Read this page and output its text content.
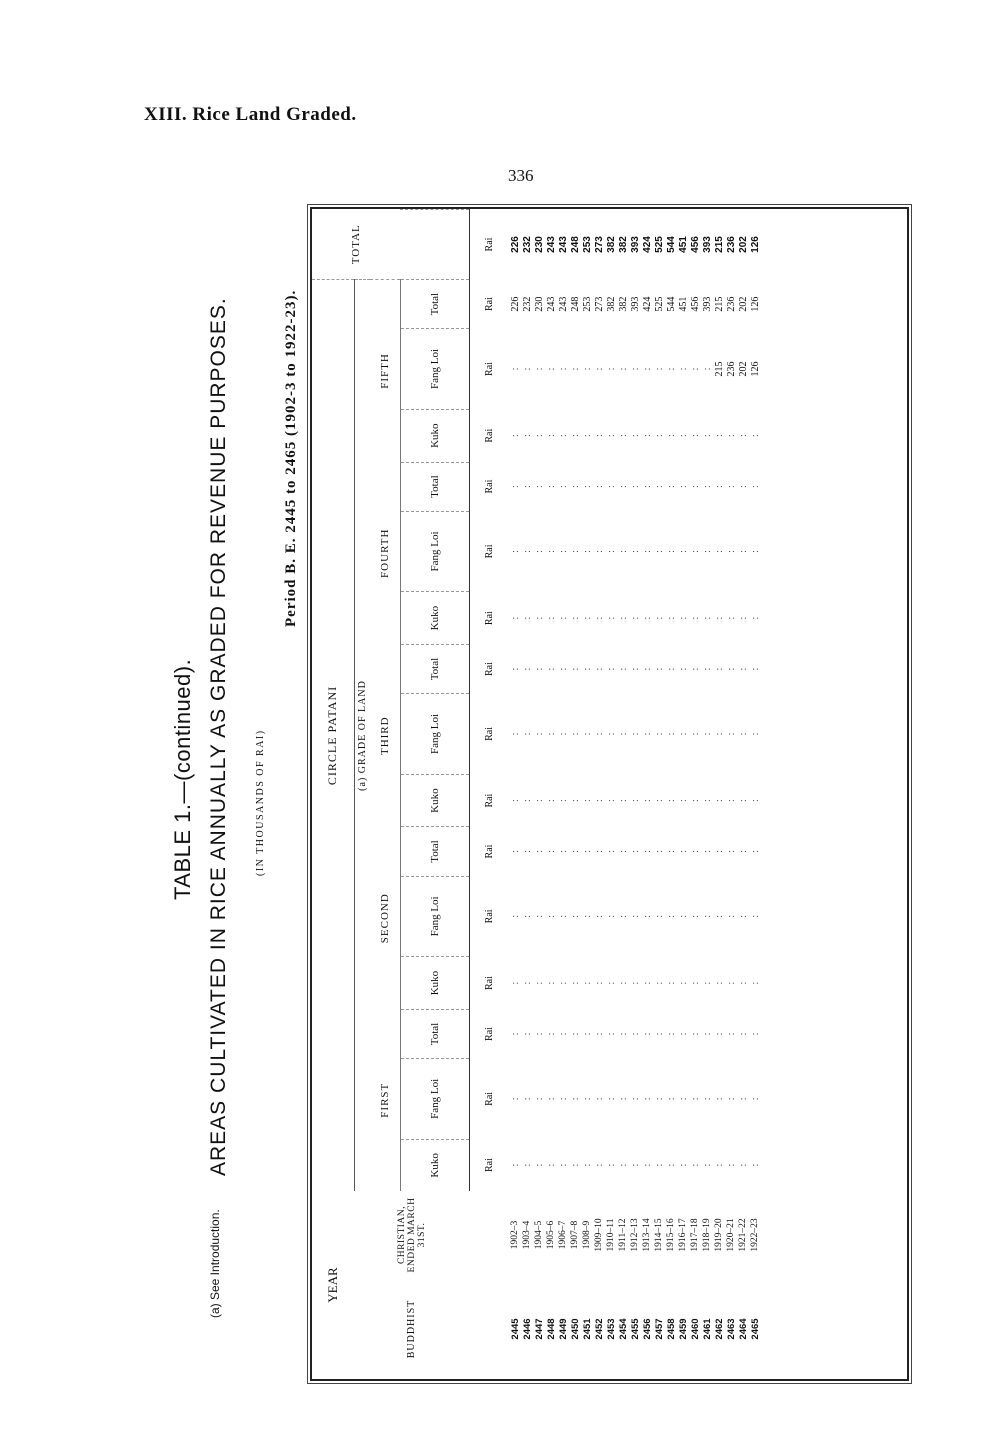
XIII. Rice Land Graded.
336
TABLE 1.—(continued). AREAS CULTIVATED IN RICE ANNUALLY AS GRADED FOR REVENUE PURPOSES.	(IN THOUSANDS OF RAI)
Period B. E. 2445 to 2465 (1902-3 to 1922-23).
(a) See Introduction.	YEAR		CIRCLE PATANI															TOTAL
BUDDHIST	CHRISTIAN, ENDED MARCH 31ST.	(a) GRADE OF LAND															
		FIRST			SECOND			THIRD			FOURTH			FIFTH			
		Kuko	Fang Loi	Total	Kuko	Fang Loi	Total	Kuko	Fang Loi	Total	Kuko	Fang Loi	Total	Kuko	Fang Loi	Total	
		Rai	Rai	Rai	Rai	Rai	Rai	Rai	Rai	Rai	Rai	Rai	Rai	Rai	Rai	Rai	Rai
2445	1902–3	:	:	:	:	:	:	:	:	:	:	:	:	:	:	226	226
2446	1903–4	:	:	:	:	:	:	:	:	:	:	:	:	:	:	232	232
2447	1904–5	:	:	:	:	:	:	:	:	:	:	:	:	:	:	230	230
2448	1905–6	:	:	:	:	:	:	:	:	:	:	:	:	:	:	243	243
2449	1906–7	:	:	:	:	:	:	:	:	:	:	:	:	:	:	243	243
2450	1907–8	:	:	:	:	:	:	:	:	:	:	:	:	:	:	248	248
2451	1908–9	:	:	:	:	:	:	:	:	:	:	:	:	:	:	253	253
2452	1909–10	:	:	:	:	:	:	:	:	:	:	:	:	:	:	273	273
2453	1910–11	:	:	:	:	:	:	:	:	:	:	:	:	:	:	382	382
2454	1911–12	:	:	:	:	:	:	:	:	:	:	:	:	:	:	382	382
2455	1912–13	:	:	:	:	:	:	:	:	:	:	:	:	:	:	393	393
2456	1913–14	:	:	:	:	:	:	:	:	:	:	:	:	:	:	424	424
2457	1914–15	:	:	:	:	:	:	:	:	:	:	:	:	:	:	525	525
2458	1915–16	:	:	:	:	:	:	:	:	:	:	:	:	:	:	544	544
2459	1916–17	:	:	:	:	:	:	:	:	:	:	:	:	:	:	451	451
2460	1917–18	:	:	:	:	:	:	:	:	:	:	:	:	:	:	456	456
2461	1918–19	:	:	:	:	:	:	:	:	:	:	:	:	:	:	393	393
2462	1919–20	:	:	:	:	:	:	:	:	:	:	:	:	:	215	215	215
2463	1920–21	:	:	:	:	:	:	:	:	:	:	:	:	:	236	236	236
2464	1921–22	:	:	:	:	:	:	:	:	:	:	:	:	:	202	202	202
2465	1922–23	:	:	:	:	:	:	:	:	:	:	:	:	:	126	126	126
